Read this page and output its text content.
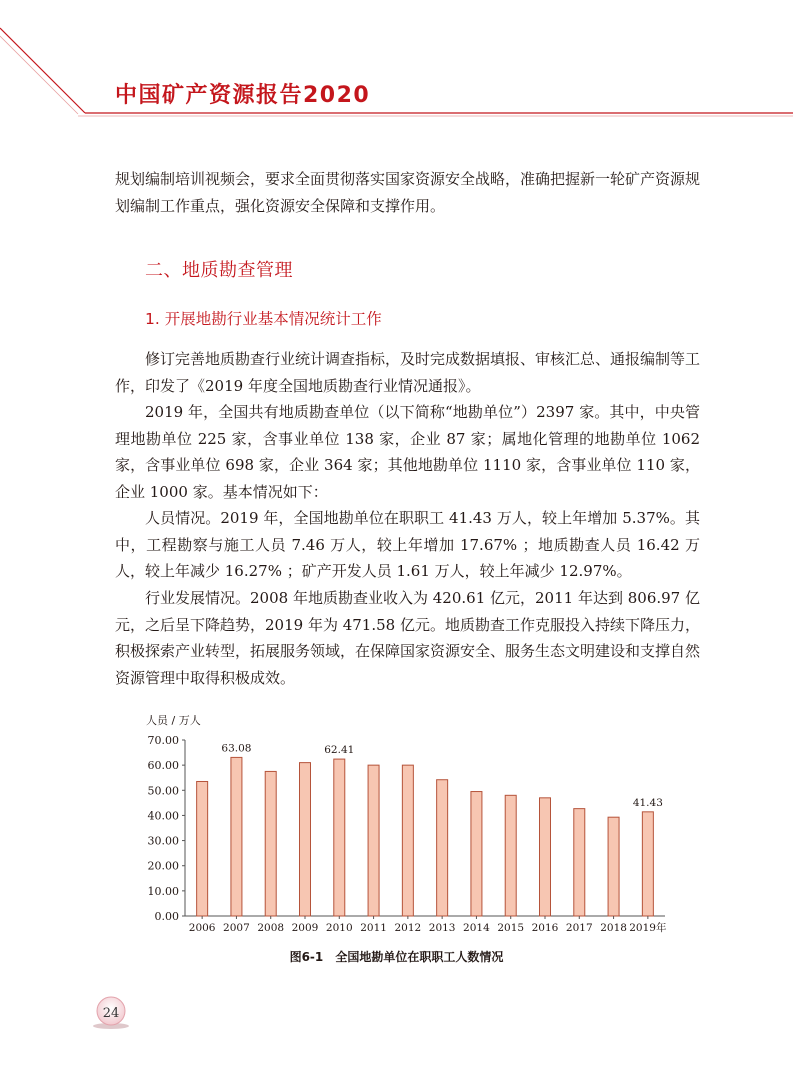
中国矿产资源报告2020

规划编制培训视频会，要求全面贯彻落实国家资源安全战略，准确把握新一轮矿产资源规划编制工作重点，强化资源安全保障和支撑作用。

二、地质勘查管理
1. 开展地勘行业基本情况统计工作

修订完善地质勘查行业统计调查指标，及时完成数据填报、审核汇总、通报编制等工作，印发了《2019 年度全国地质勘查行业情况通报》。

2019 年，全国共有地质勘查单位（以下简称“地勘单位”）2397 家。其中，中央管理地勘单位 225 家，含事业单位 138 家，企业 87 家；属地化管理的地勘单位 1062 家，含事业单位 698 家，企业 364 家；其他地勘单位 1110 家，含事业单位 110 家，企业 1000 家。基本情况如下：

人员情况。2019 年，全国地勘单位在职职工 41.43 万人，较上年增加 5.37%。其中，工程勘察与施工人员 7.46 万人，较上年增加 17.67% ；地质勘查人员 16.42 万人，较上年减少 16.27% ；矿产开发人员 1.61 万人，较上年减少 12.97%。

行业发展情况。2008 年地质勘查业收入为 420.61 亿元，2011 年达到 806.97 亿元，之后呈下降趋势，2019 年为 471.58 亿元。地质勘查工作克服投入持续下降压力，积极探索产业转型，拓展服务领域，在保障国家资源安全、服务生态文明建设和支撑自然资源管理中取得积极成效。

人员 / 万人
0.00
10.00
20.00
30.00
40.00
50.00
60.00
70.00
2006 2007
63.08
2008 2009 2010
62.41
2011 2012 2013 2014 2015 2016 2017 2018 2019年
41.43
图6-1 全国地勘单位在职职工人数情况
24
